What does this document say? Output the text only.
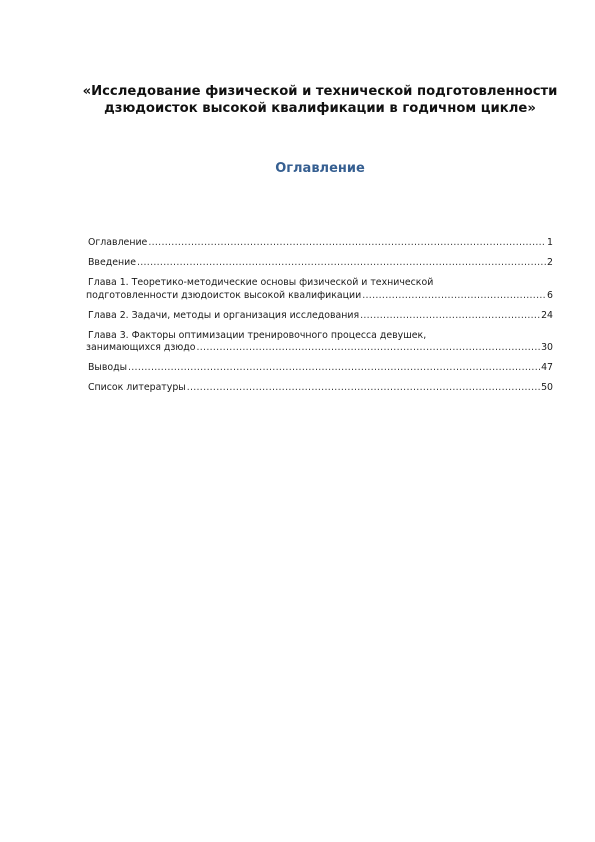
«Исследование физической и технической подготовленности
дзюдоисток высокой квалификации в годичном цикле»
Оглавление
Оглавление .....	1
Введение .....	2
Глава 1. Теоретико-методические основы физической и технической
подготовленности дзюдоисток высокой квалификации .....	6
Глава 2. Задачи, методы и организация исследования .....	24
Глава 3. Факторы оптимизации тренировочного процесса девушек,
занимающихся дзюдо .....	30
Выводы .....	47
Список литературы .....	50
